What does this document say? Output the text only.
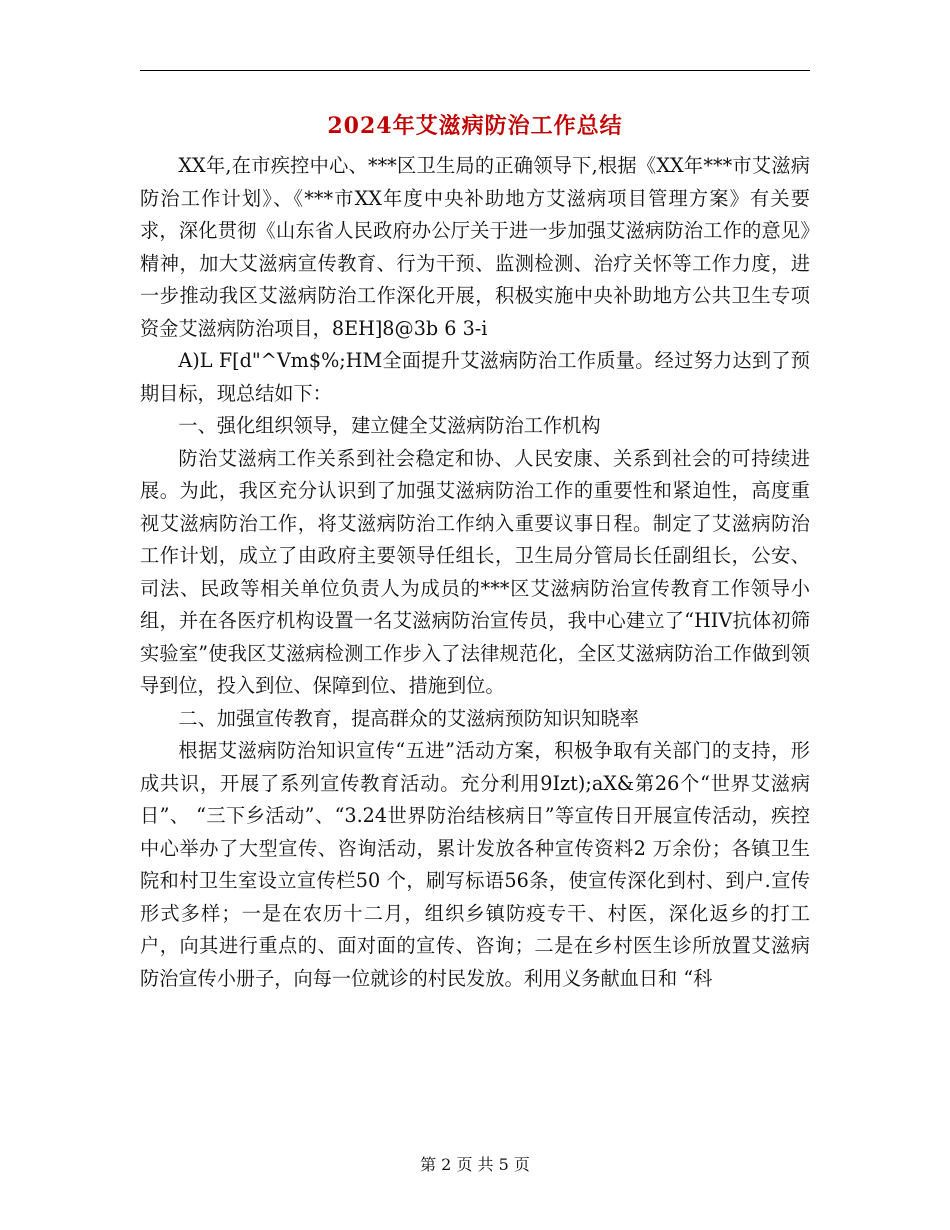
2024年艾滋病防治工作总结

XX年,在市疾控中心、***区卫生局的正确领导下,根据《XX年***市艾滋病防治工作计划》、《***市XX年度中央补助地方艾滋病项目管理方案》有关要求，深化贯彻《山东省人民政府办公厅关于进一步加强艾滋病防治工作的意见》精神，加大艾滋病宣传教育、行为干预、监测检测、治疗关怀等工作力度，进一步推动我区艾滋病防治工作深化开展，积极实施中央补助地方公共卫生专项资金艾滋病防治项目，8EH]8@3b 6 3-i

A)L F[d"^Vm$%;HM全面提升艾滋病防治工作质量。经过努力达到了预期目标，现总结如下：

一、强化组织领导，建立健全艾滋病防治工作机构

防治艾滋病工作关系到社会稳定和协、人民安康、关系到社会的可持续进展。为此，我区充分认识到了加强艾滋病防治工作的重要性和紧迫性，高度重视艾滋病防治工作，将艾滋病防治工作纳入重要议事日程。制定了艾滋病防治工作计划，成立了由政府主要领导任组长，卫生局分管局长任副组长，公安、司法、民政等相关单位负责人为成员的***区艾滋病防治宣传教育工作领导小组，并在各医疗机构设置一名艾滋病防治宣传员，我中心建立了“HIV抗体初筛实验室”使我区艾滋病检测工作步入了法律规范化，全区艾滋病防治工作做到领导到位，投入到位、保障到位、措施到位。

二、加强宣传教育，提高群众的艾滋病预防知识知晓率

根据艾滋病防治知识宣传“五进”活动方案，积极争取有关部门的支持，形成共识，开展了系列宣传教育活动。充分利用9Izt);aX&第26个“世界艾滋病日”、 “三下乡活动”、“3.24世界防治结核病日”等宣传日开展宣传活动，疾控中心举办了大型宣传、咨询活动，累计发放各种宣传资料2 万余份；各镇卫生院和村卫生室设立宣传栏50 个，刷写标语56条，使宣传深化到村、到户.宣传形式多样；一是在农历十二月，组织乡镇防疫专干、村医，深化返乡的打工户，向其进行重点的、面对面的宣传、咨询；二是在乡村医生诊所放置艾滋病防治宣传小册子，向每一位就诊的村民发放。利用义务献血日和 “科

第 2 页 共 5 页
